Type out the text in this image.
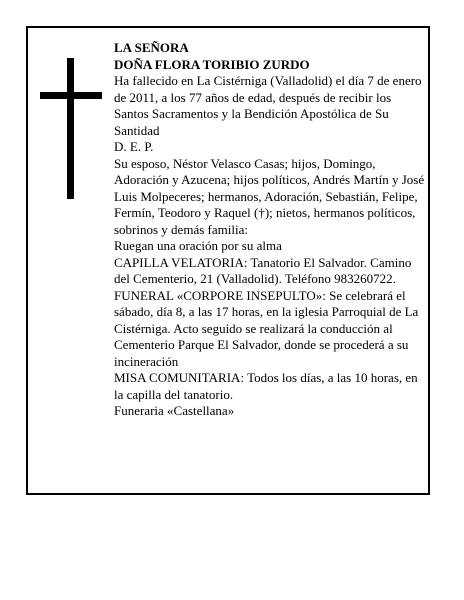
LA SEÑORA

DOÑA FLORA TORIBIO ZURDO

Ha fallecido en La Cistérniga (Valladolid) el día 7 de enero de 2011, a los 77 años de edad, después de recibir los Santos Sacramentos y la Bendición Apostólica de Su Santidad

D. E. P.

Su esposo, Néstor Velasco Casas; hijos, Domingo, Adoración y Azucena; hijos políticos, Andrés Martín y José Luis Molpeceres; hermanos, Adoración, Sebastián, Felipe, Fermín, Teodoro y Raquel (†); nietos, hermanos políticos, sobrinos y demás familia:

Ruegan una oración por su alma

CAPILLA VELATORIA: Tanatorio El Salvador. Camino del Cementerio, 21 (Valladolid). Teléfono 983260722.

FUNERAL «CORPORE INSEPULTO»: Se celebrará el sábado, día 8, a las 17 horas, en la iglesia Parroquial de La Cistérniga. Acto seguido se realizará la conducción al Cementerio Parque El Salvador, donde se procederá a su incineración

MISA COMUNITARIA: Todos los días, a las 10 horas, en la capilla del tanatorio.

Funeraria «Castellana»
